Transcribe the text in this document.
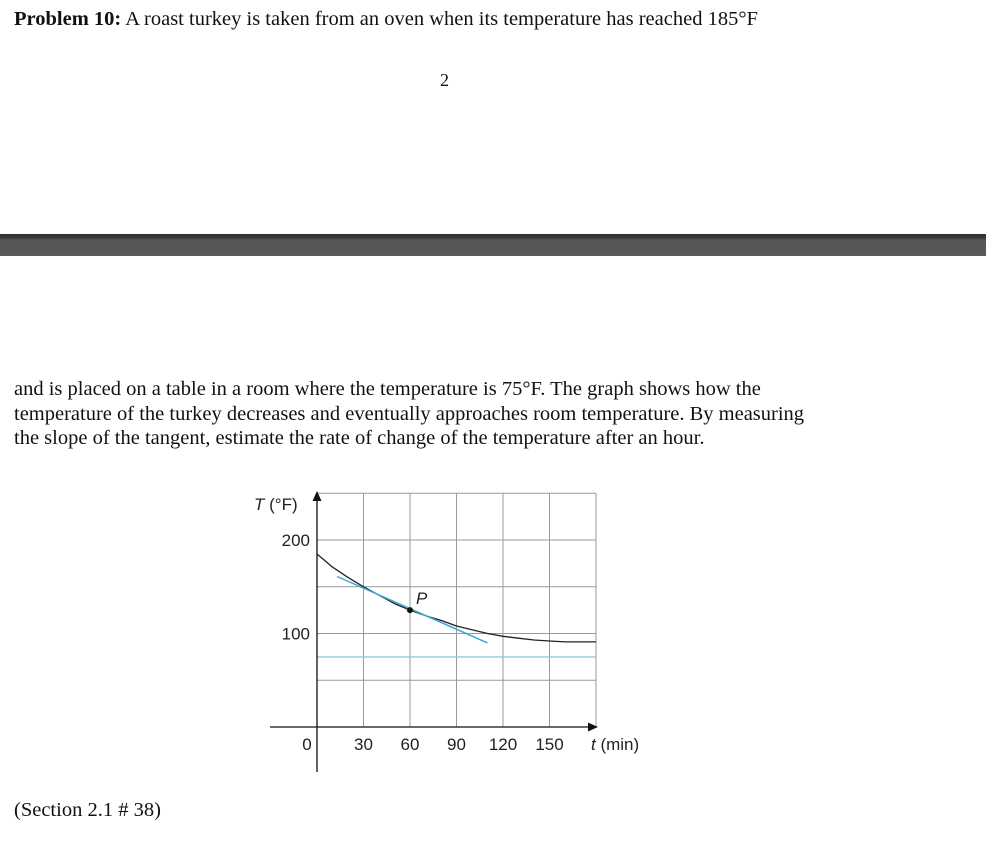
Problem 10: A roast turkey is taken from an oven when its temperature has reached 185°F
2
and is placed on a table in a room where the temperature is 75°F. The graph shows how the
temperature of the turkey decreases and eventually approaches room temperature. By measuring
the slope of the tangent, estimate the rate of change of the temperature after an hour.
0 30 60 90 120 150
100
200
T (°F)
t (min)
P
(Section 2.1 # 38)
